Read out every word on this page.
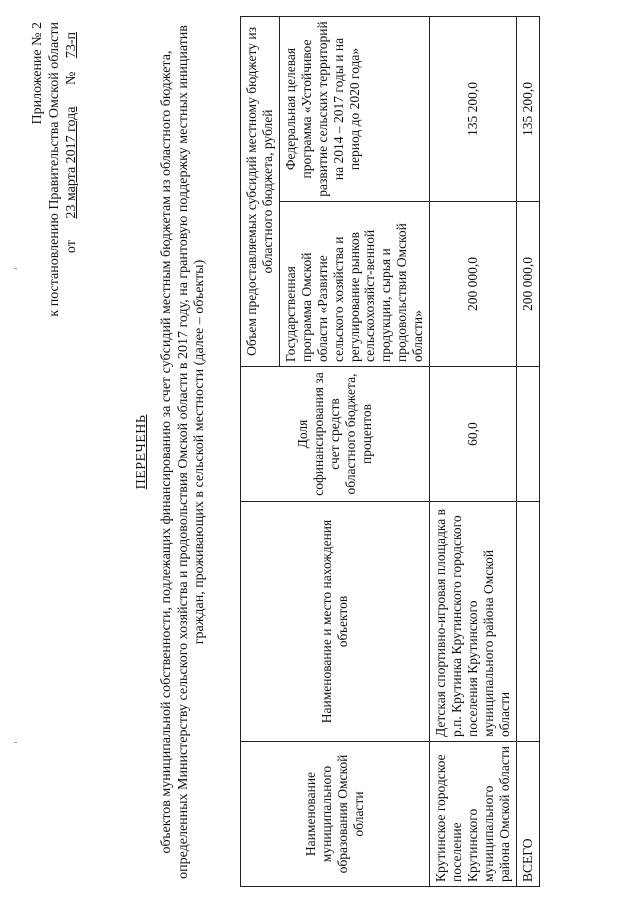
Приложение № 2 к постановлению Правительства Омской области от 23 марта 2017 года № 73-п
ПЕРЕЧЕНЬ объектов муниципальной собственности, подлежащих финансированию за счет субсидий местным бюджетам из областного бюджета, определенных Министерству сельского хозяйства и продовольствия Омской области в 2017 году, на грантовую поддержку местных инициатив граждан, проживающих в сельской местности (далее – объекты)
Наименование муниципального образования Омской области	Наименование и место нахождения объектов	Доля софинансирования за счет средств областного бюджета, процентов	Объем предоставляемых субсидий местному бюджету из областного бюджета, рублей	
			Государственная программа Омской области «Развитие сельского хозяйства и регулирование рынков сельскохозяйст-венной продукции, сырья и продовольствия Омской области»	Федеральная целевая программа «Устойчивое развитие сельских территорий на 2014 – 2017 годы и на период до 2020 года»
Крутинское городское поселение Крутинского муниципального района Омской области	Детская спортивно-игровая площадка в р.п. Крутинка Крутинского городского поселения Крутинского муниципального района Омской области	60,0	200 000,0	135 200,0
ВСЕГО			200 000,0	135 200,0
